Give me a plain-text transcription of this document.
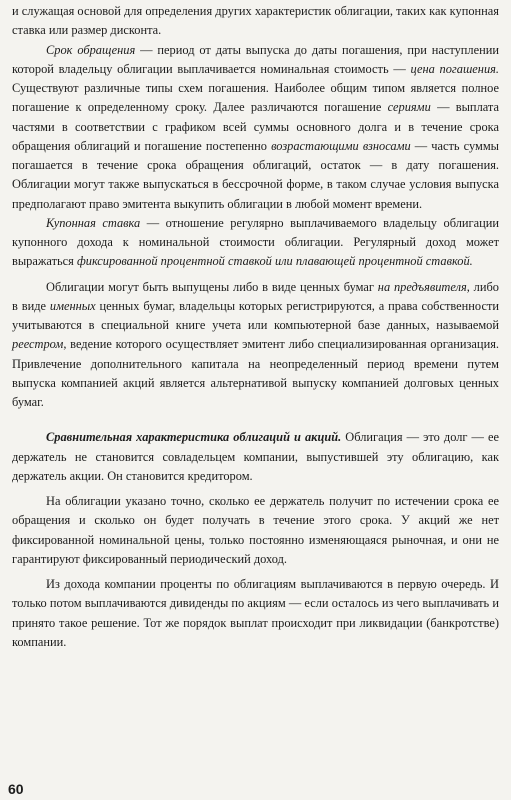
и служащая основой для определения других характеристик облигации, таких как купонная ставка или размер дисконта.

Срок обращения — период от даты выпуска до даты погашения, при наступлении которой владельцу облигации выплачивается номинальная стоимость — цена погашения. Существуют различные типы схем погашения. Наиболее общим типом является полное погашение к определенному сроку. Далее различаются погашение сериями — выплата частями в соответствии с графиком всей суммы основного долга и в течение срока обращения облигаций и погашение постепенно возрастающими взносами — часть суммы погашается в течение срока обращения облигаций, остаток — в дату погашения. Облигации могут также выпускаться в бессрочной форме, в таком случае условия выпуска предполагают право эмитента выкупить облигации в любой момент времени.

Купонная ставка — отношение регулярно выплачиваемого владельцу облигации купонного дохода к номинальной стоимости облигации. Регулярный доход может выражаться фиксированной процентной ставкой или плавающей процентной ставкой.

Облигации могут быть выпущены либо в виде ценных бумаг на предъявителя, либо в виде именных ценных бумаг, владельцы которых регистрируются, а права собственности учитываются в специальной книге учета или компьютерной базе данных, называемой реестром, ведение которого осуществляет эмитент либо специализированная организация. Привлечение дополнительного капитала на неопределенный период времени путем выпуска компанией акций является альтернативой выпуску компанией долговых ценных бумаг.

Сравнительная характеристика облигаций и акций. Облигация — это долг — ее держатель не становится совладельцем компании, выпустившей эту облигацию, как держатель акции. Он становится кредитором.

На облигации указано точно, сколько ее держатель получит по истечении срока ее обращения и сколько он будет получать в течение этого срока. У акций же нет фиксированной номинальной цены, только постоянно изменяющаяся рыночная, и они не гарантируют фиксированный периодический доход.

Из дохода компании проценты по облигациям выплачиваются в первую очередь. И только потом выплачиваются дивиденды по акциям — если осталось из чего выплачивать и принято такое решение. Тот же порядок выплат происходит при ликвидации (банкротстве) компании.

60
